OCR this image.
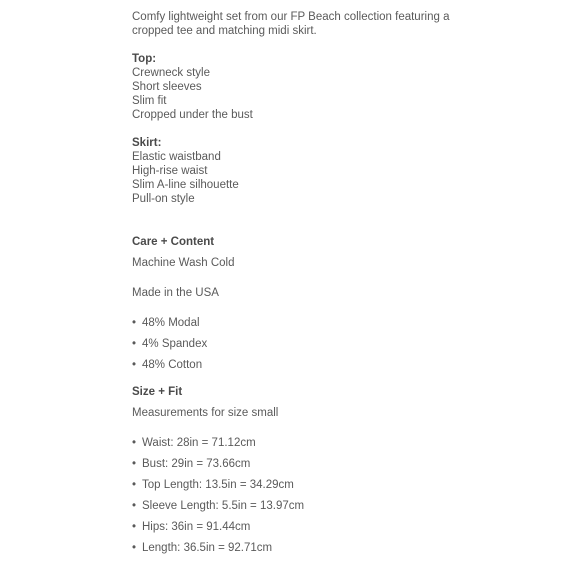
Comfy lightweight set from our FP Beach collection featuring a cropped tee and matching midi skirt.

Top:

Crewneck style

Short sleeves

Slim fit

Cropped under the bust

Skirt:

Elastic waistband

High-rise waist

Slim A-line silhouette

Pull-on style

Care + Content

Machine Wash Cold

Made in the USA

• 48% Modal
• 4% Spandex
• 48% Cotton

Size + Fit

Measurements for size small

• Waist: 28in = 71.12cm
• Bust: 29in = 73.66cm
• Top Length: 13.5in = 34.29cm
• Sleeve Length: 5.5in = 13.97cm
• Hips: 36in = 91.44cm
• Length: 36.5in = 92.71cm
